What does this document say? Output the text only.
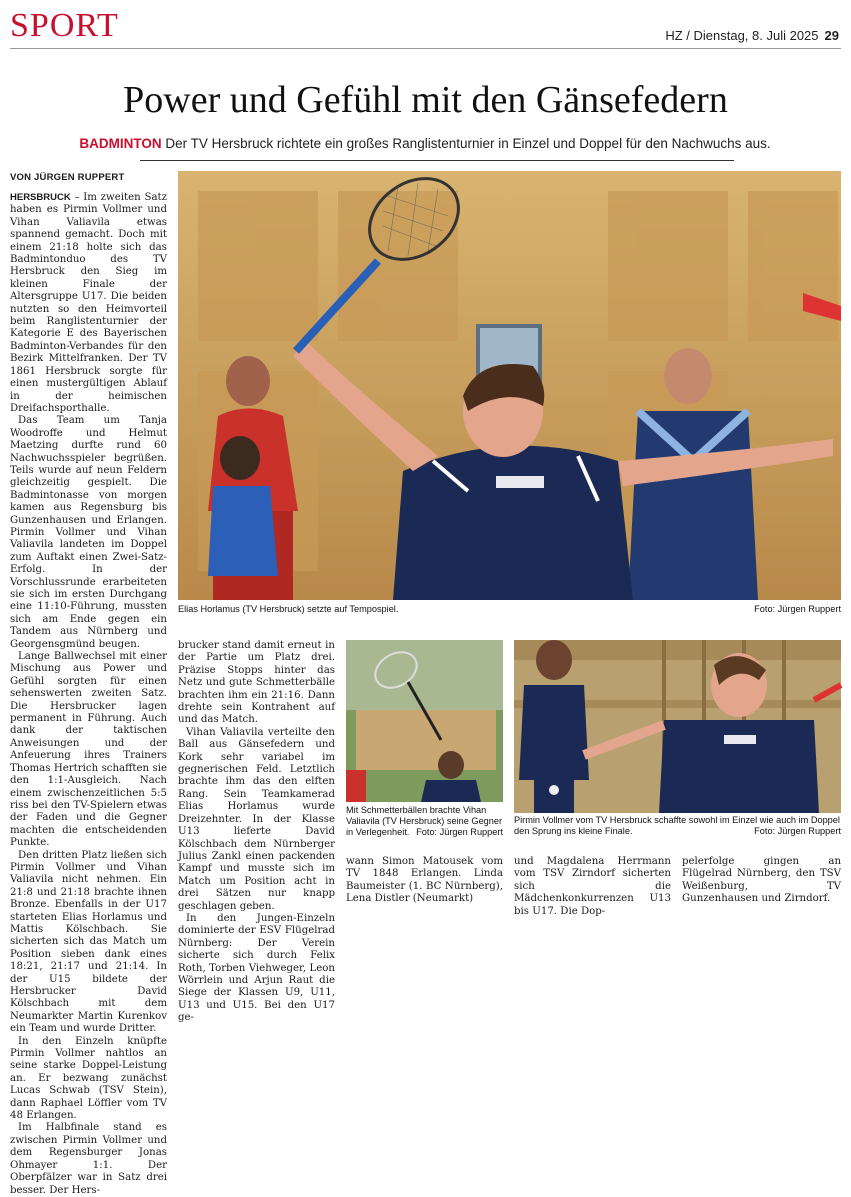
SPORT	HZ / Dienstag, 8. Juli 2025 29
Power und Gefühl mit den Gänsefedern
BADMINTON Der TV Hersbruck richtete ein großes Ranglistenturnier in Einzel und Doppel für den Nachwuchs aus.
VON JÜRGEN RUPPERT

HERSBRUCK – Im zweiten Satz haben es Pirmin Vollmer und Vihan Valiavila etwas spannend gemacht. Doch mit einem 21:18 holte sich das Badmintonduo des TV Hersbruck den Sieg im kleinen Finale der Altersgruppe U17. Die beiden nutzten so den Heimvorteil beim Ranglistenturnier der Kategorie E des Bayerischen Badminton-Verbandes für den Bezirk Mittelfranken. Der TV 1861 Hersbruck sorgte für einen mustergültigen Ablauf in der heimischen Dreifachsporthalle.

Das Team um Tanja Woodroffe und Helmut Maetzing durfte rund 60 Nachwuchsspieler begrüßen. Teils wurde auf neun Feldern gleichzeitig gespielt. Die Badmintonasse von morgen kamen aus Regensburg bis Gunzenhausen und Erlangen. Pirmin Vollmer und Vihan Valiavila landeten im Doppel zum Auftakt einen Zwei-Satz-Erfolg. In der Vorschlussrunde erarbeiteten sie sich im ersten Durchgang eine 11:10-Führung, mussten sich am Ende gegen ein Tandem aus Nürnberg und Georgensgmünd beugen.

Lange Ballwechsel mit einer Mischung aus Power und Gefühl sorgten für einen sehenswerten zweiten Satz. Die Hersbrucker lagen permanent in Führung. Auch dank der taktischen Anweisungen und der Anfeuerung ihres Trainers Thomas Hertrich schafften sie den 1:1-Ausgleich. Nach einem zwischenzeitlichen 5:5 riss bei den TV-Spielern etwas der Faden und die Gegner machten die entscheidenden Punkte.

Den dritten Platz ließen sich Pirmin Vollmer und Vihan Valiavila nicht nehmen. Ein 21:8 und 21:18 brachte ihnen Bronze. Ebenfalls in der U17 starteten Elias Horlamus und Mattis Kölschbach. Sie sicherten sich das Match um Position sieben dank eines 18:21, 21:17 und 21:14. In der U15 bildete der Hersbrucker David Kölschbach mit dem Neumarkter Martin Kurenkov ein Team und wurde Dritter.

In den Einzeln knüpfte Pirmin Vollmer nahtlos an seine starke Doppel-Leistung an. Er bezwang zunächst Lucas Schwab (TSV Stein), dann Raphael Löffler vom TV 48 Erlangen.

Im Halbfinale stand es zwischen Pirmin Vollmer und dem Regensburger Jonas Ohmayer 1:1. Der Oberpfälzer war in Satz drei besser. Der Hers-

Elias Horlamus (TV Hersbruck) setzte auf Tempospiel.	Foto: Jürgen Ruppert

brucker stand damit erneut in der Partie um Platz drei. Präzise Stopps hinter das Netz und gute Schmetterbälle brachten ihm ein 21:16. Dann drehte sein Kontrahent auf und das Match.

Vihan Valiavila verteilte den Ball aus Gänsefedern und Kork sehr variabel im gegnerischen Feld. Letztlich brachte ihm das den elften Rang. Sein Teamkamerad Elias Horlamus wurde Dreizehnter. In der Klasse U13 lieferte David Kölschbach dem Nürnberger Julius Zankl einen packenden Kampf und musste sich im Match um Position acht in drei Sätzen nur knapp geschlagen geben.

In den Jungen-Einzeln dominierte der ESV Flügelrad Nürnberg: Der Verein sicherte sich durch Felix Roth, Torben Viehweger, Leon Wörrlein und Arjun Raut die Siege der Klassen U9, U11, U13 und U15. Bei den U17 ge-

Mit Schmetterbällen brachte Vihan Valiavila (TV Hersbruck) seine Gegner in Verlegenheit. Foto: Jürgen Ruppert
Pirmin Vollmer vom TV Hersbruck schaffte sowohl im Einzel wie auch im Doppel den Sprung ins kleine Finale.	Foto: Jürgen Ruppert

wann Simon Matousek vom TV 1848 Erlangen. Linda Baumeister (1. BC Nürnberg), Lena Distler (Neumarkt)

und Magdalena Herrmann vom TSV Zirndorf sicherten sich die Mädchenkonkurrenzen U13 bis U17. Die Dop-

pelerfolge gingen an Flügelrad Nürnberg, den TSV Weißenburg, TV Gunzenhausen und Zirndorf.
